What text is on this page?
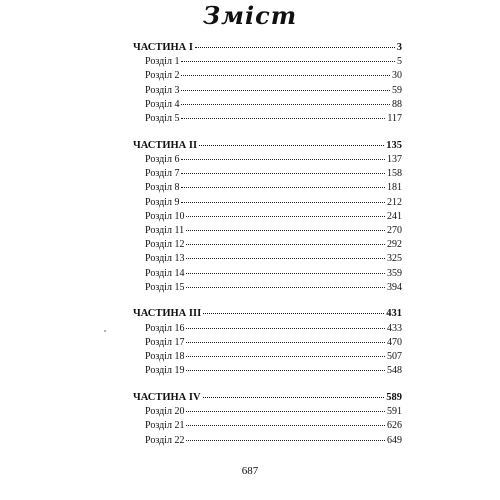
Зміст
ЧАСТИНА І	3
Розділ 1	5
Розділ 2	30
Розділ 3	59
Розділ 4	88
Розділ 5	117
ЧАСТИНА ІІ	135
Розділ 6	137
Розділ 7	158
Розділ 8	181
Розділ 9	212
Розділ 10	241
Розділ 11	270
Розділ 12	292
Розділ 13	325
Розділ 14	359
Розділ 15	394
ЧАСТИНА ІІІ	431
Розділ 16	433
Розділ 17	470
Розділ 18	507
Розділ 19	548
ЧАСТИНА IV	589
Розділ 20	591
Розділ 21	626
Розділ 22	649
687
